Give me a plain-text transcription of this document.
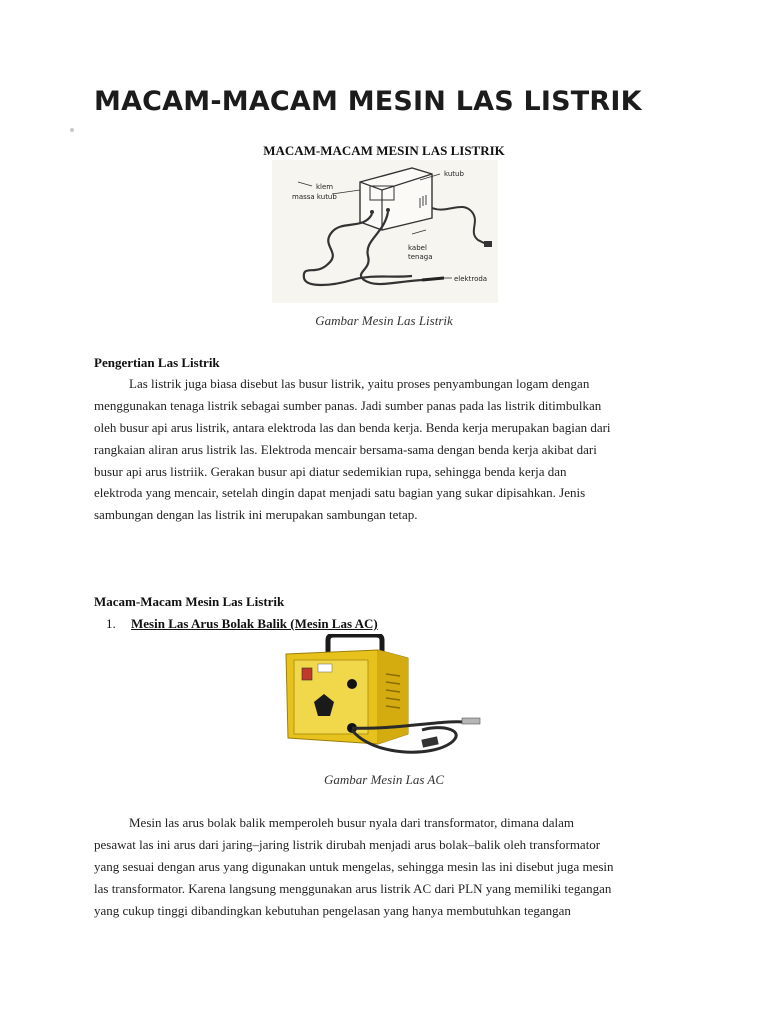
MACAM-MACAM MESIN LAS LISTRIK
MACAM-MACAM MESIN LAS LISTRIK
klem
massa kutub
kutub
kabel
tenaga
elektroda
Gambar Mesin Las Listrik
Pengertian Las Listrik
Las listrik juga biasa disebut las busur listrik, yaitu proses penyambungan logam dengan
menggunakan tenaga listrik sebagai sumber panas. Jadi sumber panas pada las listrik ditimbulkan
oleh busur api arus listrik, antara elektroda las dan benda kerja. Benda kerja merupakan bagian dari
rangkaian aliran arus listrik las. Elektroda mencair bersama-sama dengan benda kerja akibat dari
busur api arus listriik. Gerakan busur api diatur sedemikian rupa, sehingga benda kerja dan
elektroda yang mencair, setelah dingin dapat menjadi satu bagian yang sukar dipisahkan. Jenis
sambungan dengan las listrik ini merupakan sambungan tetap.
Macam-Macam Mesin Las Listrik
1. Mesin Las Arus Bolak Balik (Mesin Las AC)
Gambar Mesin Las AC
Mesin las arus bolak balik memperoleh busur nyala dari transformator, dimana dalam
pesawat las ini arus dari jaring–jaring listrik dirubah menjadi arus bolak–balik oleh transformator
yang sesuai dengan arus yang digunakan untuk mengelas, sehingga mesin las ini disebut juga mesin
las transformator. Karena langsung menggunakan arus listrik AC dari PLN yang memiliki tegangan
yang cukup tinggi dibandingkan kebutuhan pengelasan yang hanya membutuhkan tegangan
